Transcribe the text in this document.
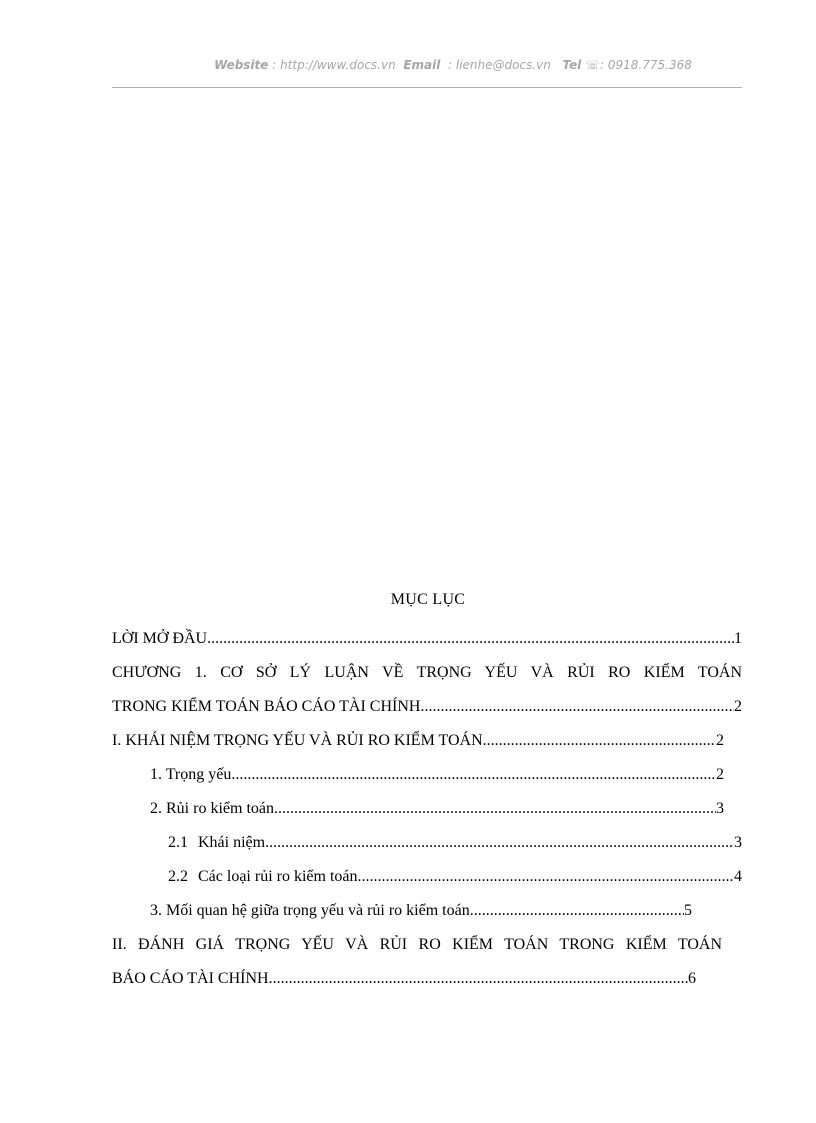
Website : http://www.docs.vn Email : lienhe@docs.vn Tel ☏: 0918.775.368
MỤC LỤC
LỜI MỞ ĐẦU .....	1
CHƯƠNG 1. CƠ SỞ LÝ LUẬN VỀ TRỌNG YẾU VÀ RỦI RO KIỂM TOÁN
TRONG KIỂM TOÁN BÁO CÁO TÀI CHÍNH .....	2
I. KHÁI NIỆM TRỌNG YẾU VÀ RỦI RO KIỂM TOÁN .....	2
1. Trọng yếu .....	2
2. Rủi ro kiểm toán .....	3
2.1 Khái niệm .....	3
2.2 Các loại rủi ro kiểm toán .....	4
3. Mối quan hệ giữa trọng yếu và rủi ro kiểm toán .....	5
II. ĐÁNH GIÁ TRỌNG YẾU VÀ RỦI RO KIỂM TOÁN TRONG KIỂM TOÁN
BÁO CÁO TÀI CHÍNH .....	6
